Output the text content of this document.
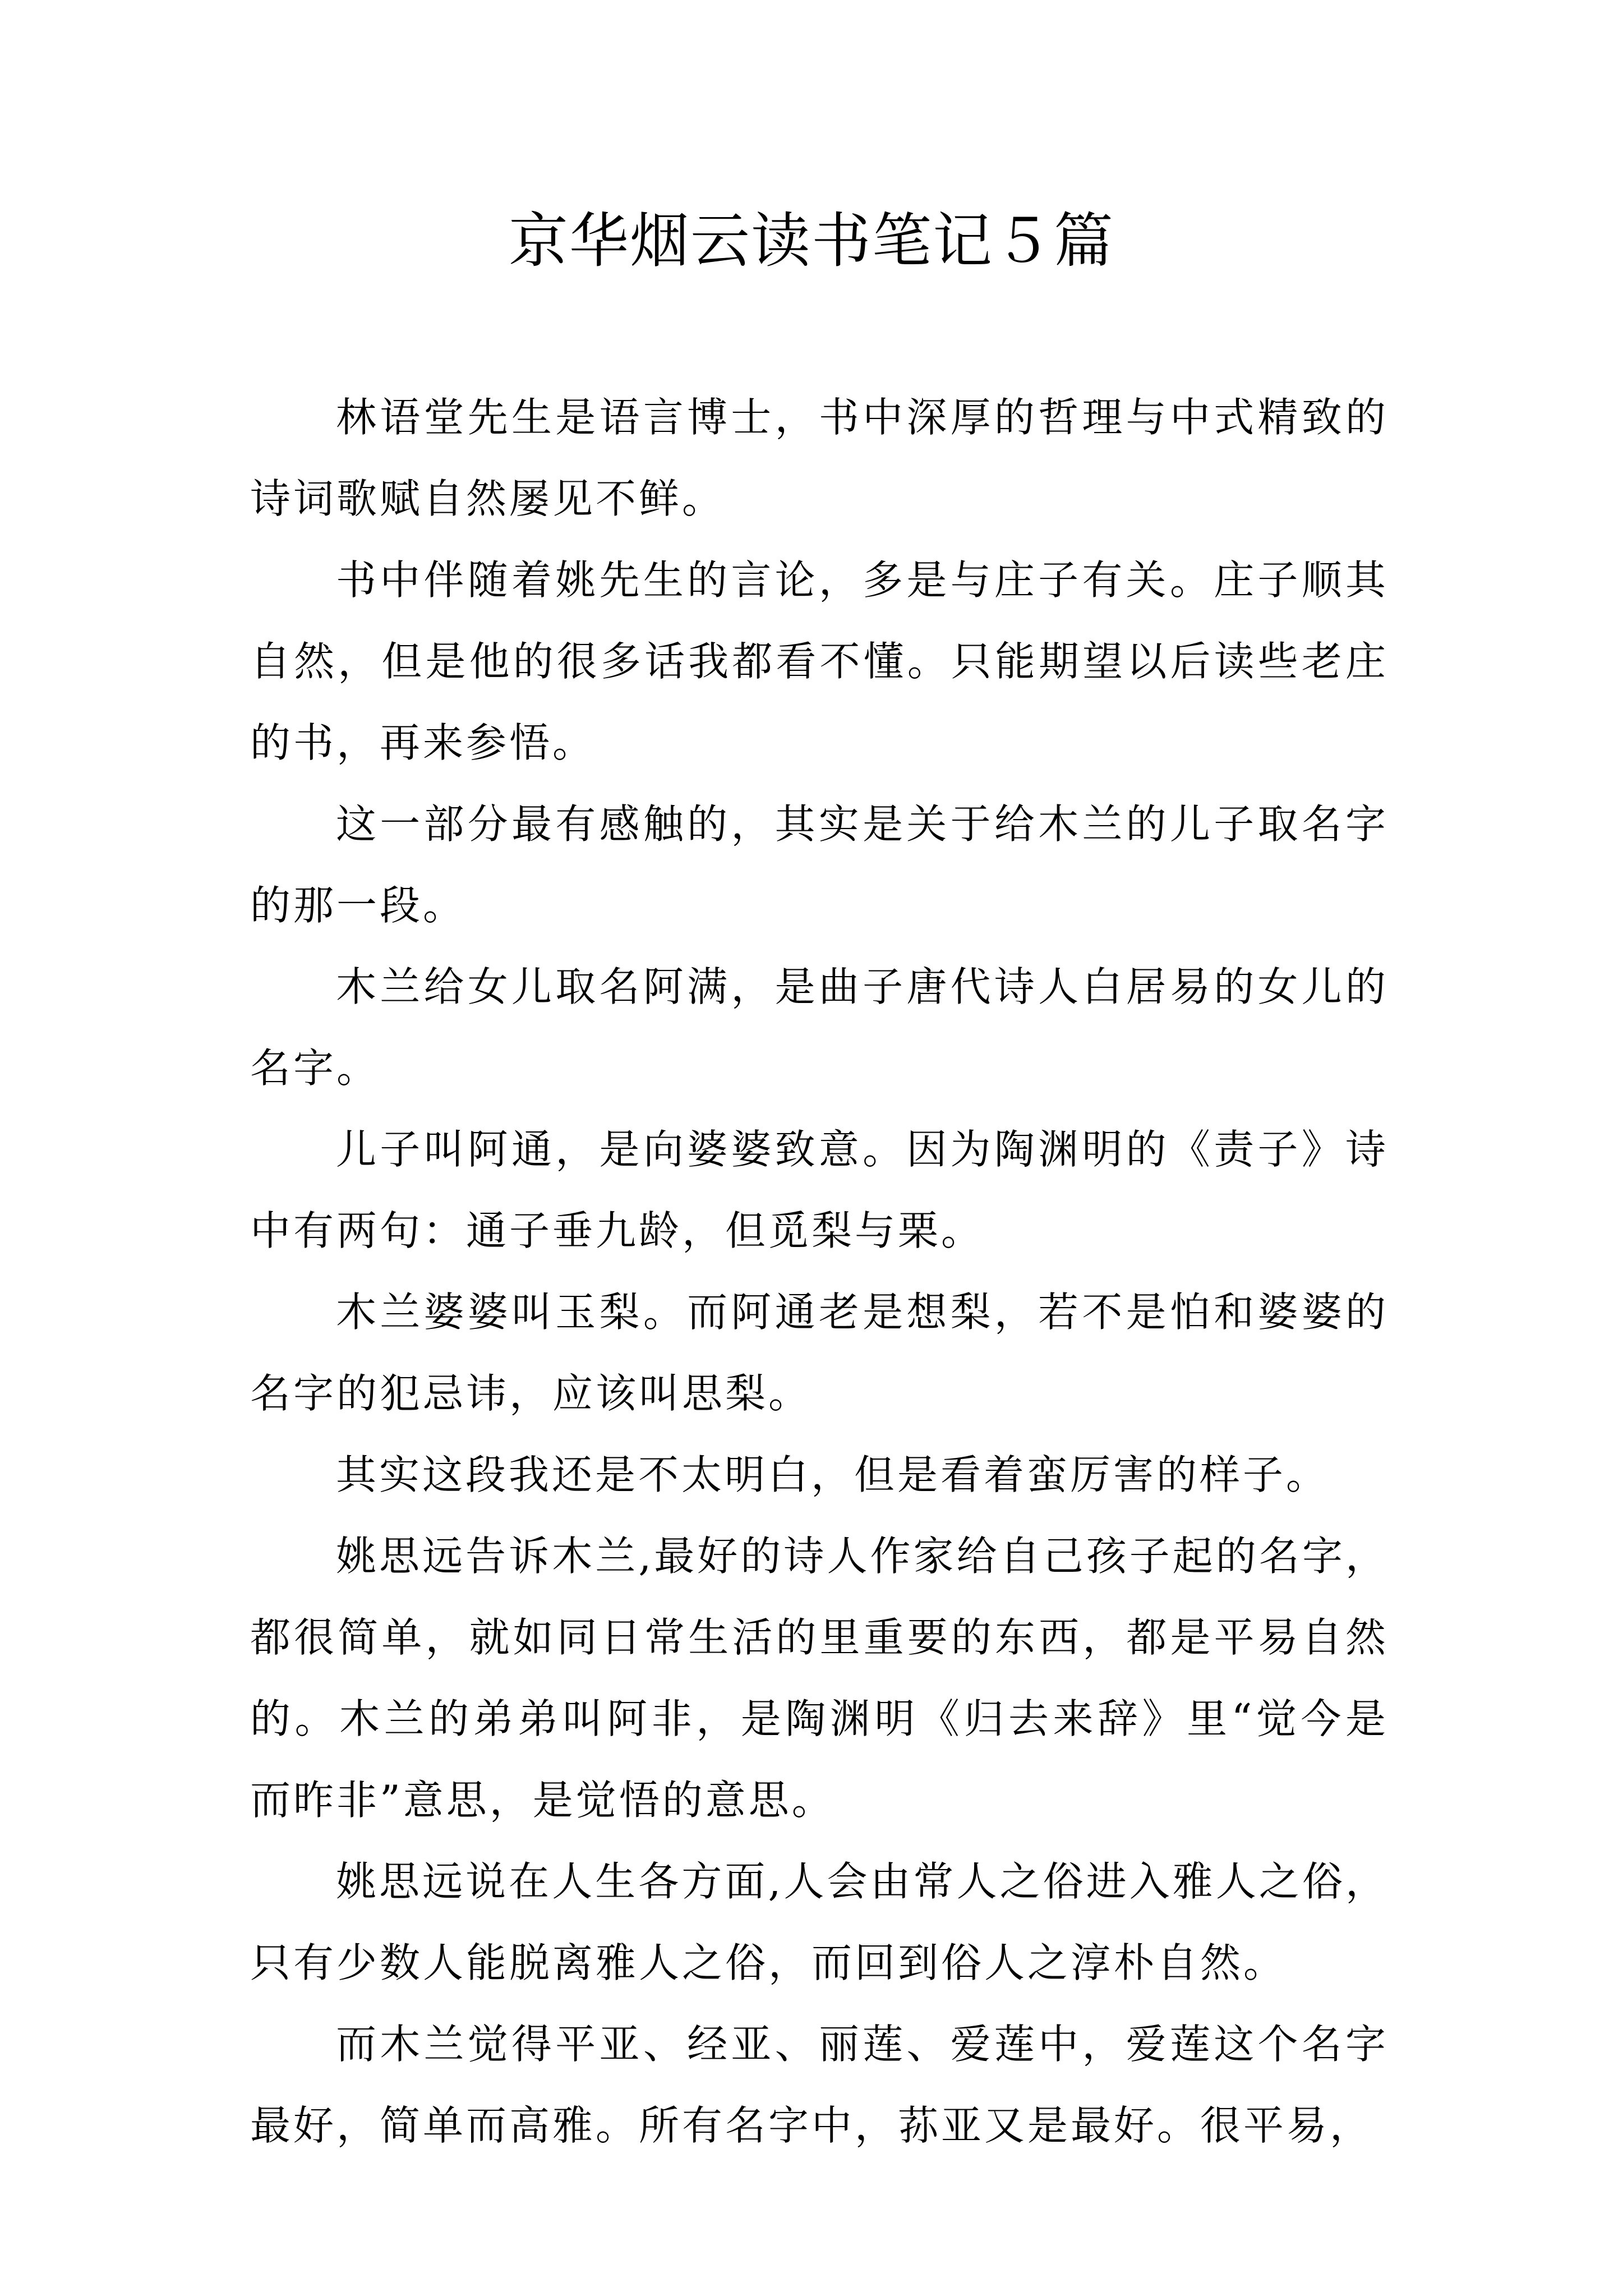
京华烟云读书笔记５篇

林语堂先生是语言博士，书中深厚的哲理与中式精致的诗词歌赋自然屡见不鲜。

书中伴随着姚先生的言论，多是与庄子有关。庄子顺其自然，但是他的很多话我都看不懂。只能期望以后读些老庄的书，再来参悟。

这一部分最有感触的，其实是关于给木兰的儿子取名字的那一段。

木兰给女儿取名阿满，是曲子唐代诗人白居易的女儿的名字。

儿子叫阿通，是向婆婆致意。因为陶渊明的《责子》诗中有两句：通子垂九龄，但觅梨与栗。

木兰婆婆叫玉梨。而阿通老是想梨，若不是怕和婆婆的名字的犯忌讳，应该叫思梨。

其实这段我还是不太明白，但是看着蛮厉害的样子。

姚思远告诉木兰,最好的诗人作家给自己孩子起的名字，都很简单，就如同日常生活的里重要的东西，都是平易自然的。木兰的弟弟叫阿非，是陶渊明《归去来辞》里“觉今是而昨非”意思，是觉悟的意思。

姚思远说在人生各方面,人会由常人之俗进入雅人之俗，只有少数人能脱离雅人之俗，而回到俗人之淳朴自然。

而木兰觉得平亚、经亚、丽莲、爱莲中，爱莲这个名字最好，简单而高雅。所有名字中，荪亚又是最好。很平易，
